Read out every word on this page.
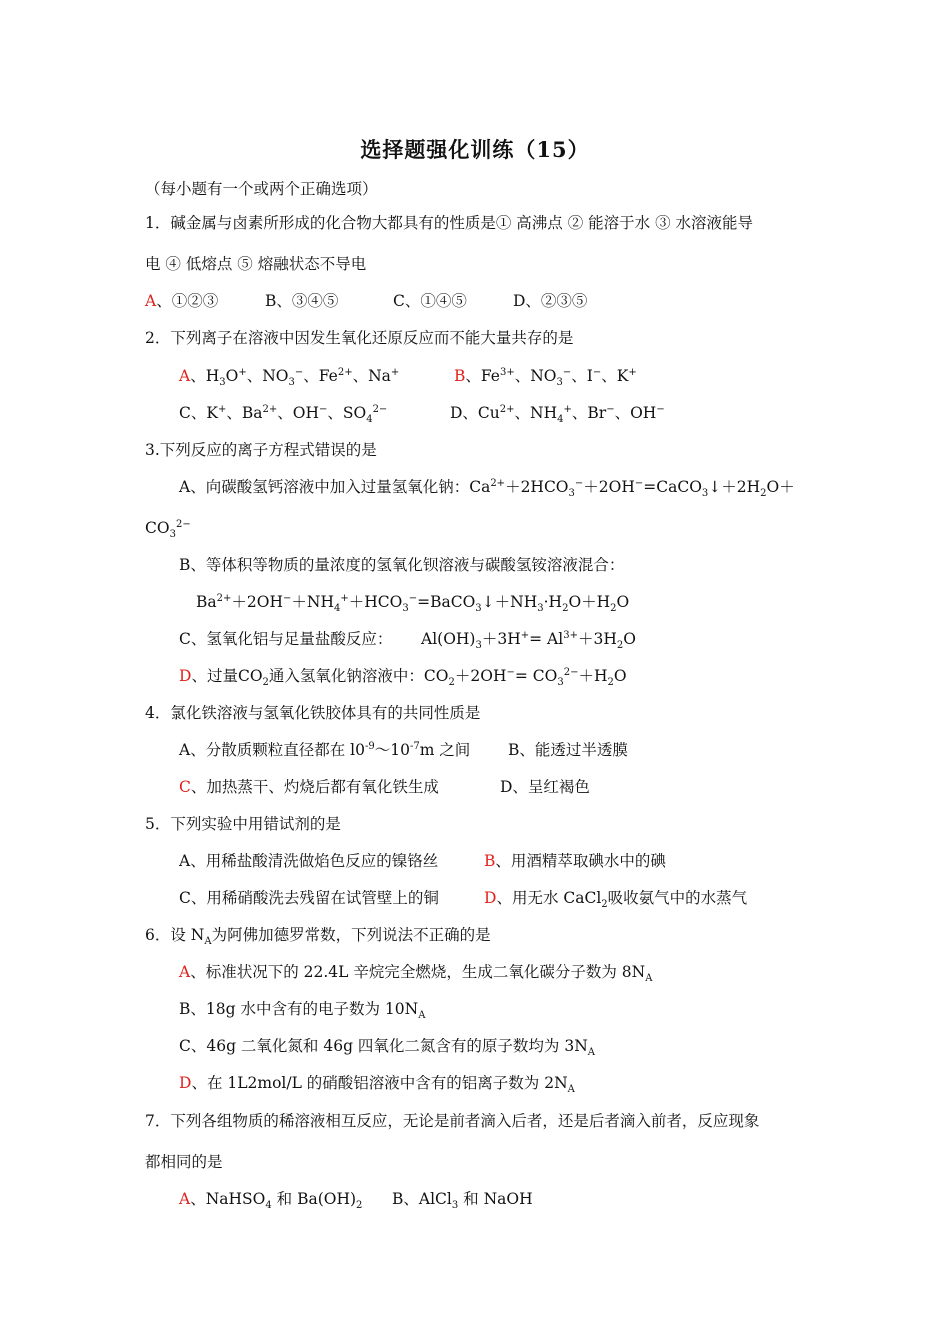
选择题强化训练（15）
（每小题有一个或两个正确选项）
1．碱金属与卤素所形成的化合物大都具有的性质是① 高沸点 ② 能溶于水 ③ 水溶液能导
电 ④ 低熔点 ⑤ 熔融状态不导电
A、①②③	B、③④⑤	C、①④⑤	D、②③⑤
2．下列离子在溶液中因发生氧化还原反应而不能大量共存的是
A、$H_3O^+$、$NO_3^-$、$Fe^{2+}$、Na+	B、$Fe^{3+}$、$NO_3^-$、I−、K+
C、K+、$Ba^{2+}$、OH−、$SO_4^{2-}$	D、$Cu^{2+}$、$NH_4^+$、Br−、OH−
3.下列反应的离子方程式错误的是
A、向碳酸氢钙溶液中加入过量氢氧化钠：$Ca^{2+}+2HCO_3^-+2OH^-=CaCO_3↓+2H_2O+$
$CO_3^{2-}$
B、等体积等物质的量浓度的氢氧化钡溶液与碳酸氢铵溶液混合：
$Ba^{2+}+2OH^-+NH_4^++HCO_3^-=BaCO_3↓+NH_3\cdot H_2O+H_2O$
C、氢氧化铝与足量盐酸反应： $Al(OH)_3+3H^+= Al^{3+}+3H_2O$
D、过量$CO_2$通入氢氧化钠溶液中：$CO_2+2OH^-= CO_3^{2-}+H_2O$
4．氯化铁溶液与氢氧化铁胶体具有的共同性质是
A、分散质颗粒直径都在 $l0^{-9}\sim 10^{-7}m$ 之间 B、能透过半透膜
C、加热蒸干、灼烧后都有氧化铁生成	D、呈红褐色
5．下列实验中用错试剂的是
A、用稀盐酸清洗做焰色反应的镍铬丝	B、用酒精萃取碘水中的碘
C、用稀硝酸洗去残留在试管壁上的铜	D、用无水 CaCl$_2$吸收氨气中的水蒸气
6．设 $N_A$为阿佛加德罗常数，下列说法不正确的是
A、标准状况下的 22.4L 辛烷完全燃烧，生成二氧化碳分子数为 $8N_A$
B、18g 水中含有的电子数为 $10N_A$
C、46g 二氧化氮和 46g 四氧化二氮含有的原子数均为 $3N_A$
D、在 1L2mol/L 的硝酸铝溶液中含有的铝离子数为 $2N_A$
7．下列各组物质的稀溶液相互反应，无论是前者滴入后者，还是后者滴入前者，反应现象
都相同的是
A、NaHSO$_4$ 和 $Ba(OH)_2$ B、AlCl$_3$ 和 NaOH
